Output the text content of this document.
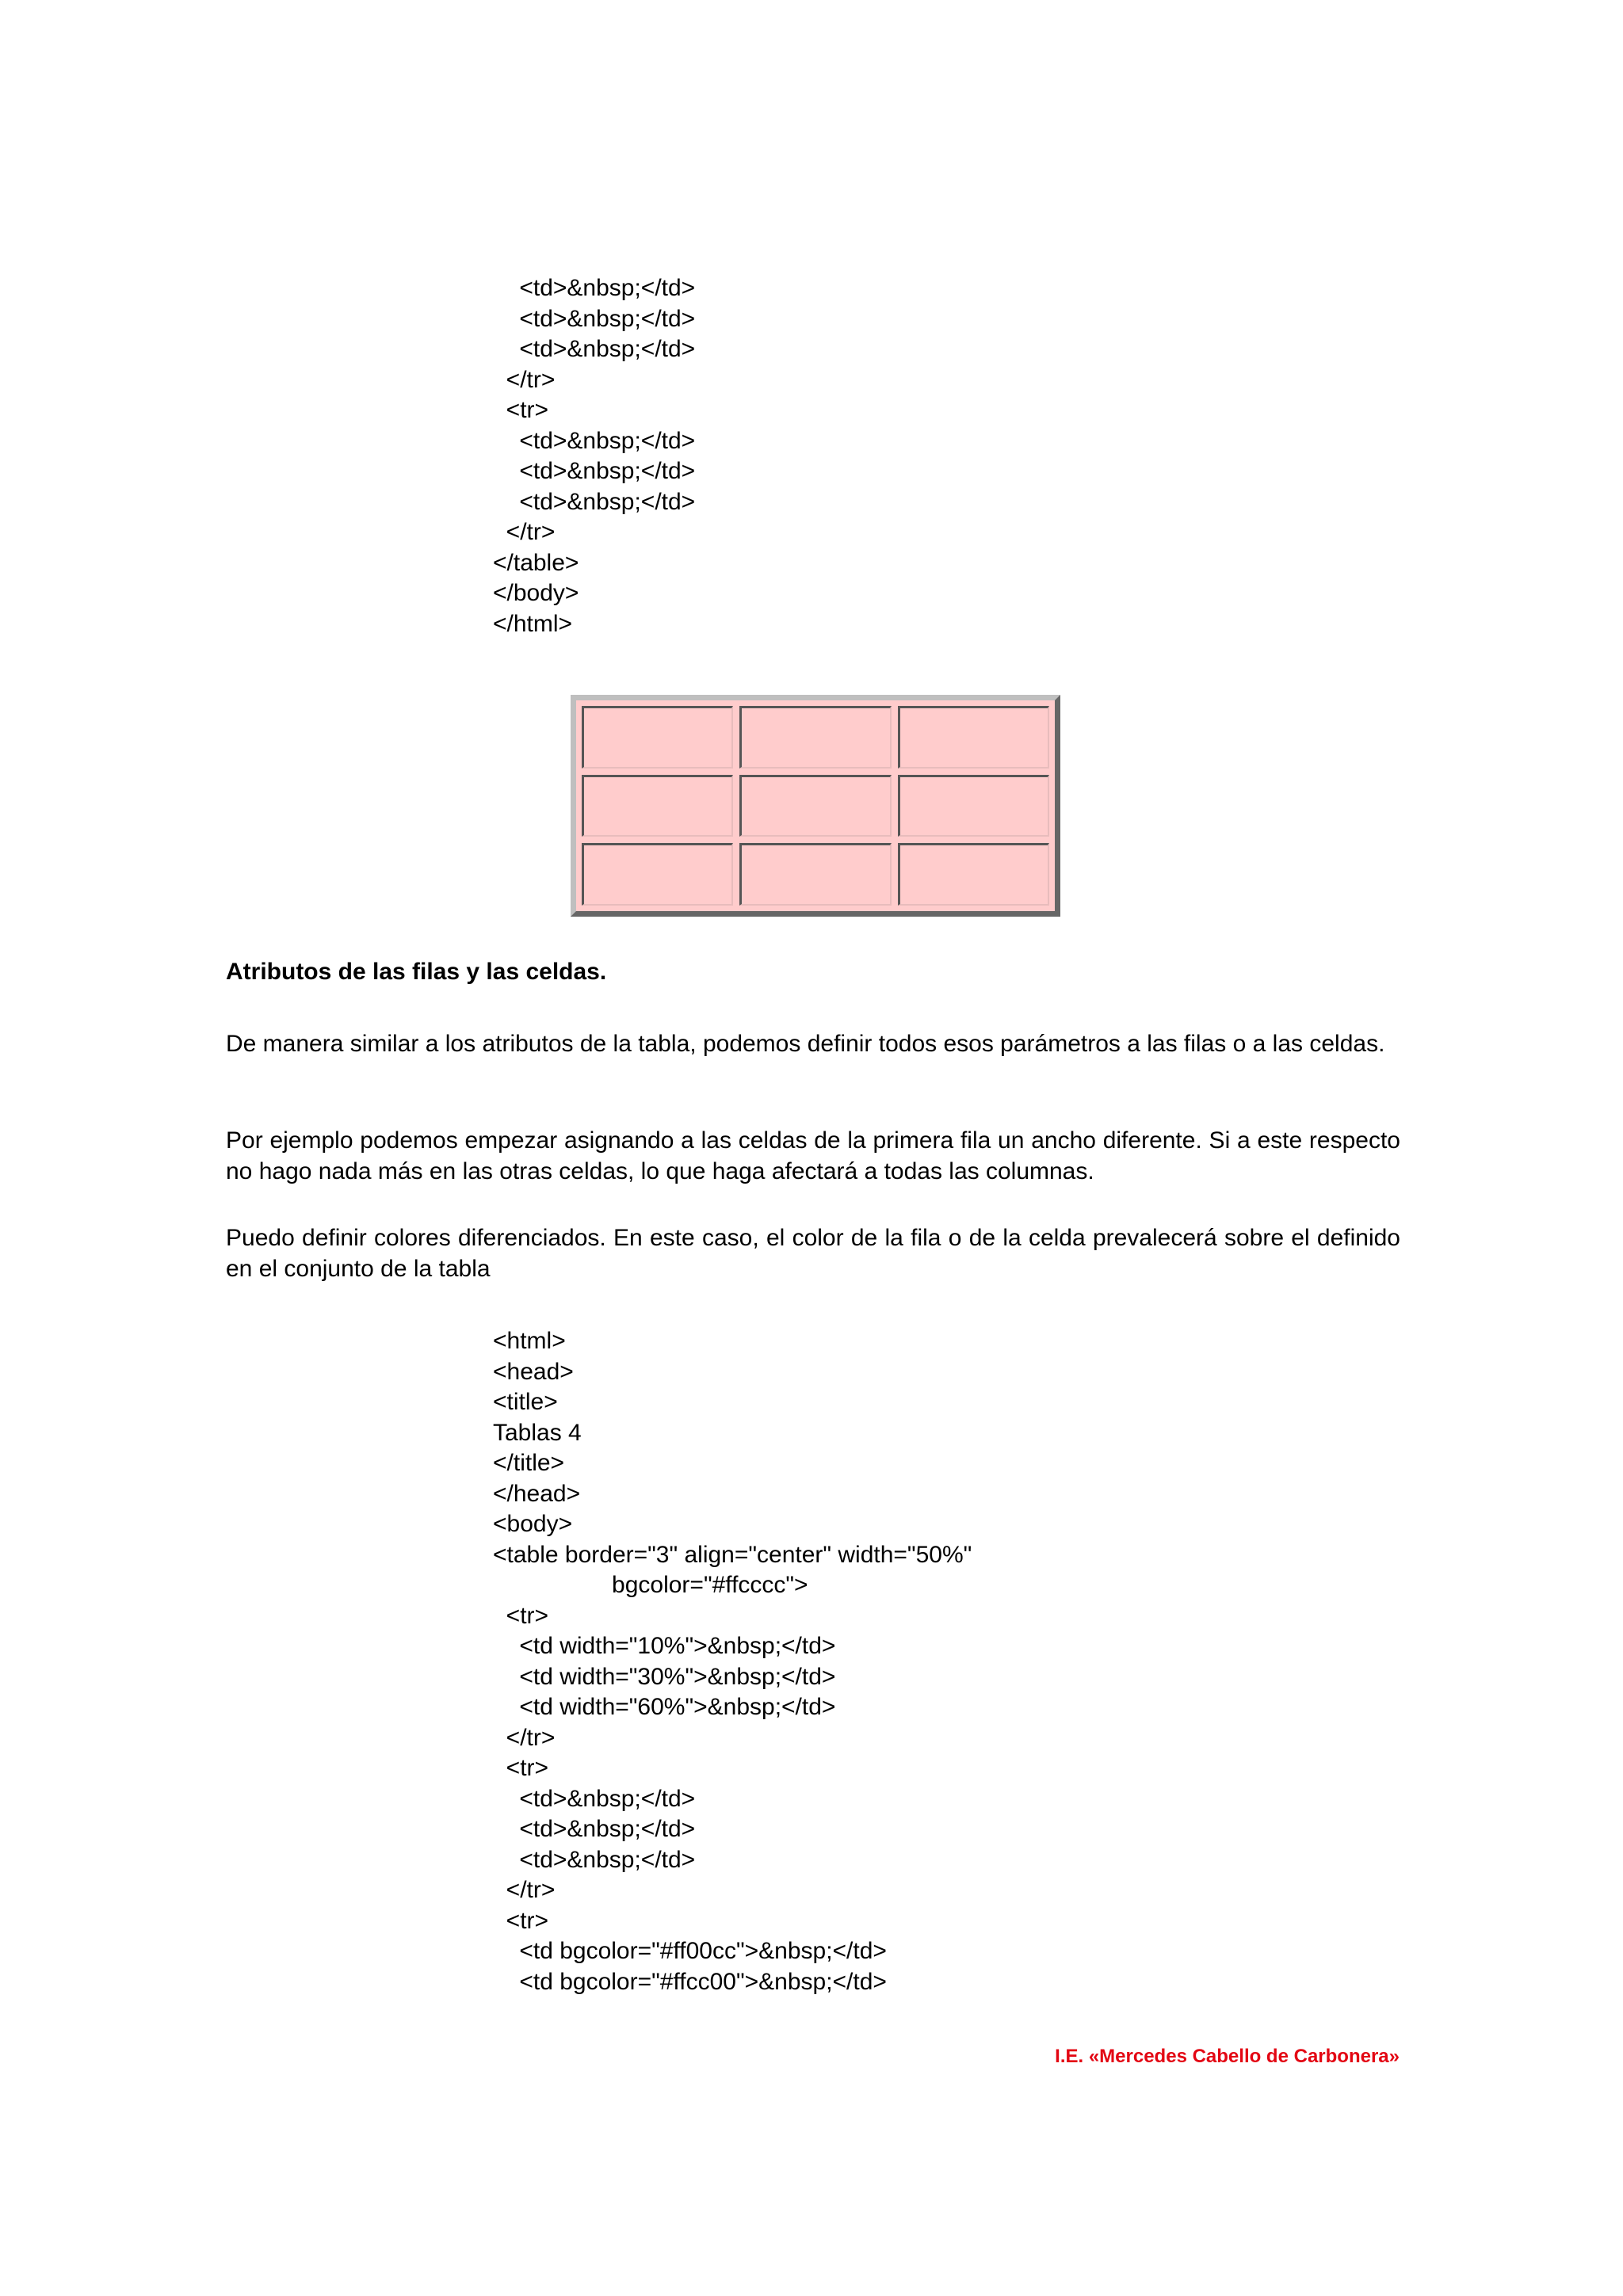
<td>&nbsp;</td>
<td>&nbsp;</td>
<td>&nbsp;</td>
</tr>
<tr>
<td>&nbsp;</td>
<td>&nbsp;</td>
<td>&nbsp;</td>
</tr>
</table>
</body>
</html>

Atributos de las filas y las celdas.

De manera similar a los atributos de la tabla, podemos definir todos esos parámetros a las filas o a las celdas.

Por ejemplo podemos empezar asignando a las celdas de la primera fila un ancho diferente. Si a este respecto no hago nada más en las otras celdas, lo que haga afectará a todas las columnas.

Puedo definir colores diferenciados. En este caso, el color de la fila o de la celda prevalecerá sobre el definido en el conjunto de la tabla

<html>
<head>
<title>
Tablas 4
</title>
</head>
<body>
<table border="3" align="center" width="50%"
bgcolor="#ffcccc">
<tr>
<td width="10%">&nbsp;</td>
<td width="30%">&nbsp;</td>
<td width="60%">&nbsp;</td>
</tr>
<tr>
<td>&nbsp;</td>
<td>&nbsp;</td>
<td>&nbsp;</td>
</tr>
<tr>
<td bgcolor="#ff00cc">&nbsp;</td>
<td bgcolor="#ffcc00">&nbsp;</td>

I.E. «Mercedes Cabello de Carbonera»
